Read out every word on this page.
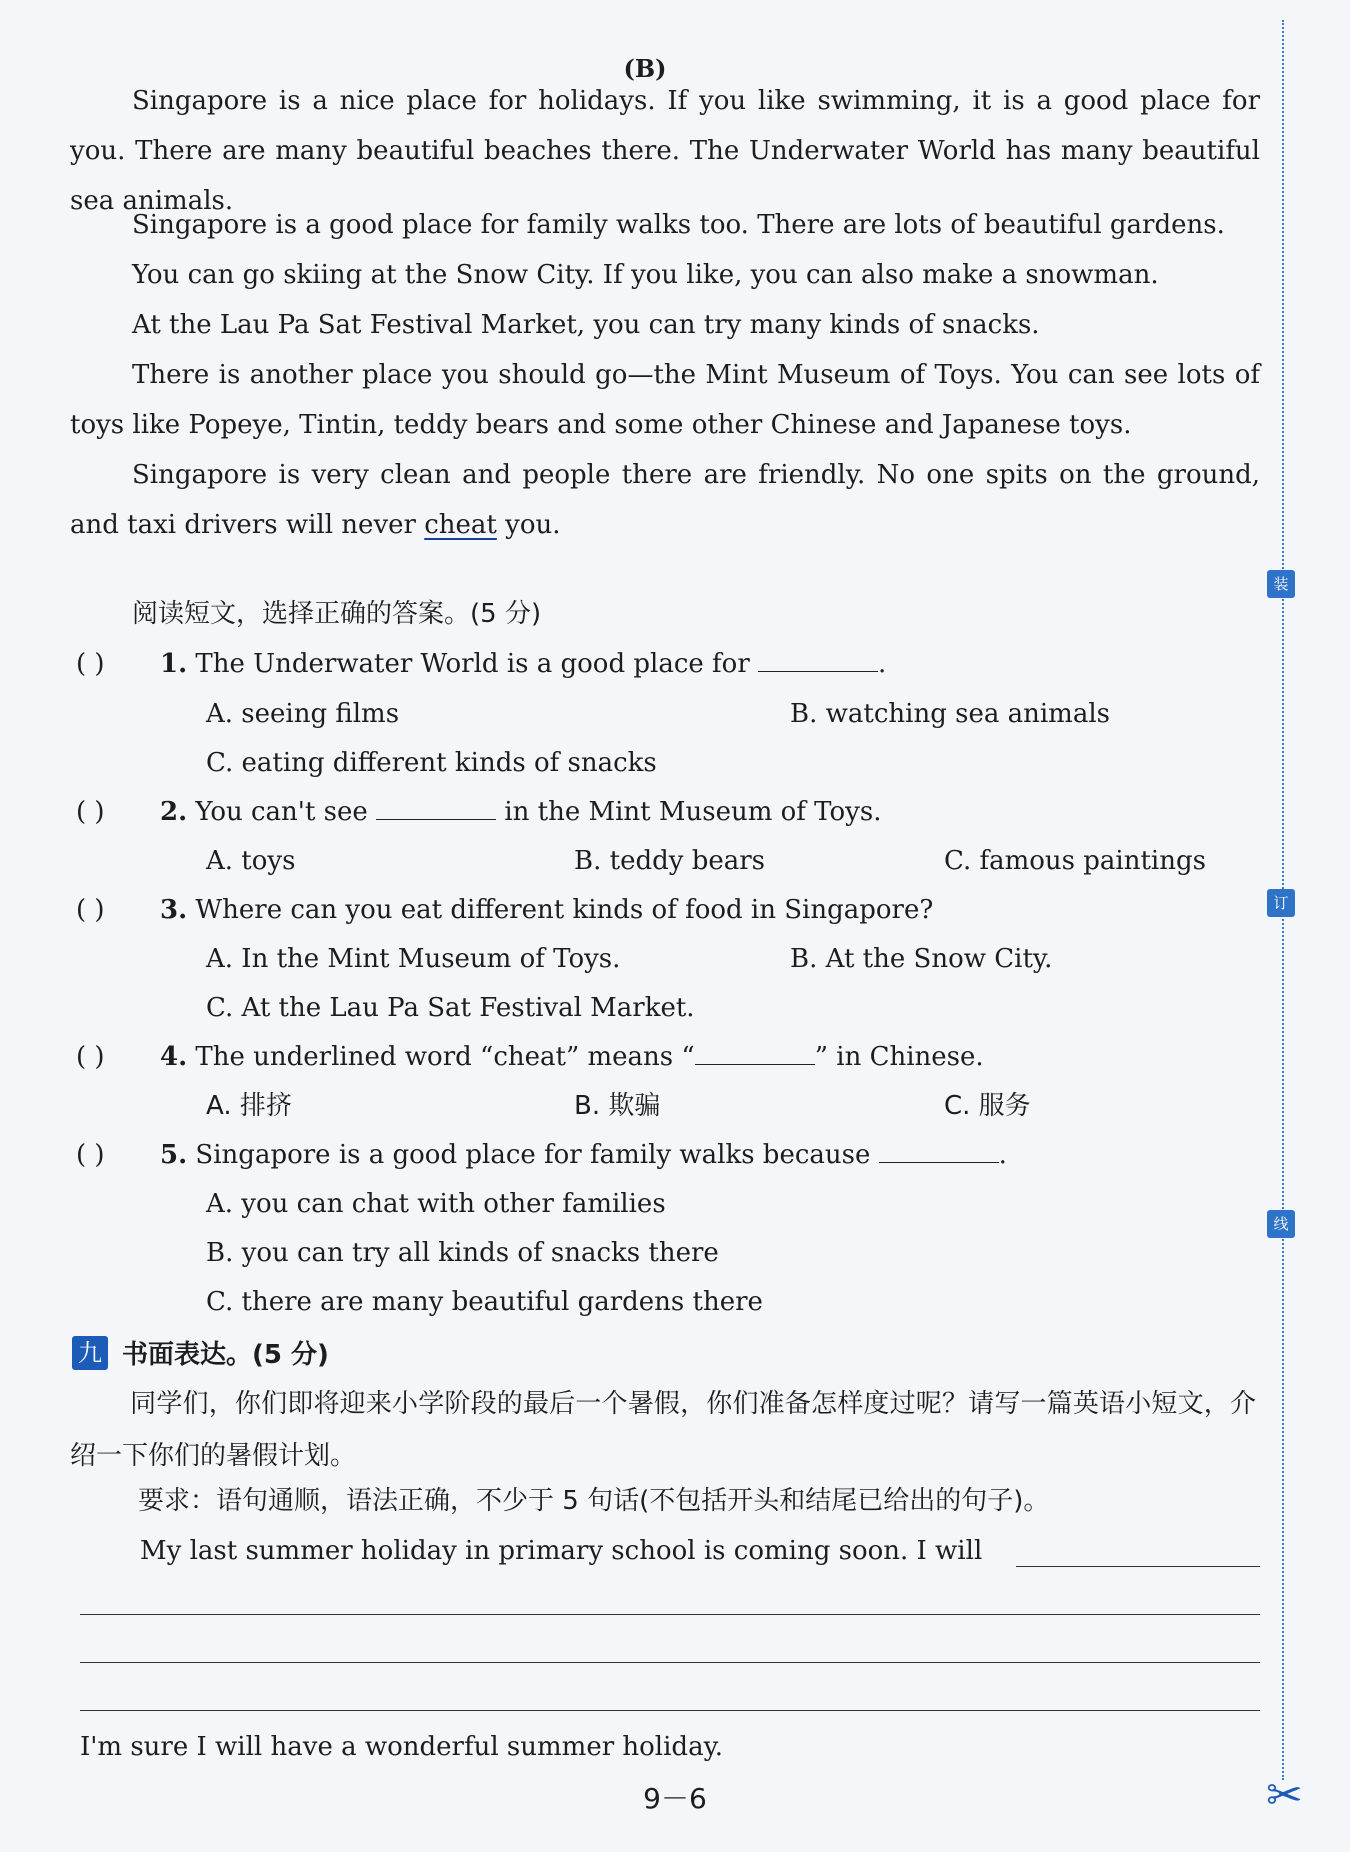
(B)
Singapore is a nice place for holidays. If you like swimming, it is a good place for you. There are many beautiful beaches there. The Underwater World has many beautiful sea animals.
Singapore is a good place for family walks too. There are lots of beautiful gardens.
You can go skiing at the Snow City. If you like, you can also make a snowman.
At the Lau Pa Sat Festival Market, you can try many kinds of snacks.
There is another place you should go—the Mint Museum of Toys. You can see lots of toys like Popeye, Tintin, teddy bears and some other Chinese and Japanese toys.
Singapore is very clean and people there are friendly. No one spits on the ground, and taxi drivers will never cheat you.
阅读短文，选择正确的答案。(5 分)
( ) 1. The Underwater World is a good place for	.
A. seeing films	B. watching sea animals
C. eating different kinds of snacks
( ) 2. You can't see	in the Mint Museum of Toys.
A. toys	B. teddy bears	C. famous paintings
( ) 3. Where can you eat different kinds of food in Singapore?
A. In the Mint Museum of Toys.	B. At the Snow City.
C. At the Lau Pa Sat Festival Market.
( ) 4. The underlined word “cheat” means “	” in Chinese.
A. 排挤	B. 欺骗	C. 服务
( ) 5. Singapore is a good place for family walks because	.
A. you can chat with other families
B. you can try all kinds of snacks there
C. there are many beautiful gardens there
九 书面表达。(5 分)
同学们，你们即将迎来小学阶段的最后一个暑假，你们准备怎样度过呢？请写一篇英语小短文，介绍一下你们的暑假计划。
要求：语句通顺，语法正确，不少于 5 句话(不包括开头和结尾已给出的句子)。
My last summer holiday in primary school is coming soon. I will
I'm sure I will have a wonderful summer holiday.
9－6
装
订
线
✂
